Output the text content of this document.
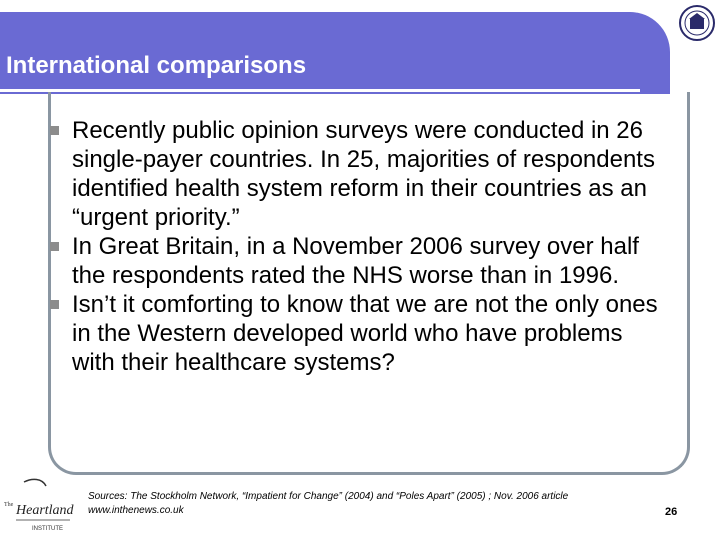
International comparisons
Recently public opinion surveys were conducted in 26 single-payer countries. In 25, majorities of respondents identified health system reform in their countries as an “urgent priority.”
In Great Britain, in a November 2006 survey over half the respondents rated the NHS worse than in 1996.
Isn’t it comforting to know that we are not the only ones in the Western developed world who have problems with their healthcare systems?
The Heartland
INSTITUTE
Sources: The Stockholm Network, “Impatient for Change” (2004) and “Poles Apart” (2005) ; Nov. 2006 article
www.inthenews.co.uk	26
